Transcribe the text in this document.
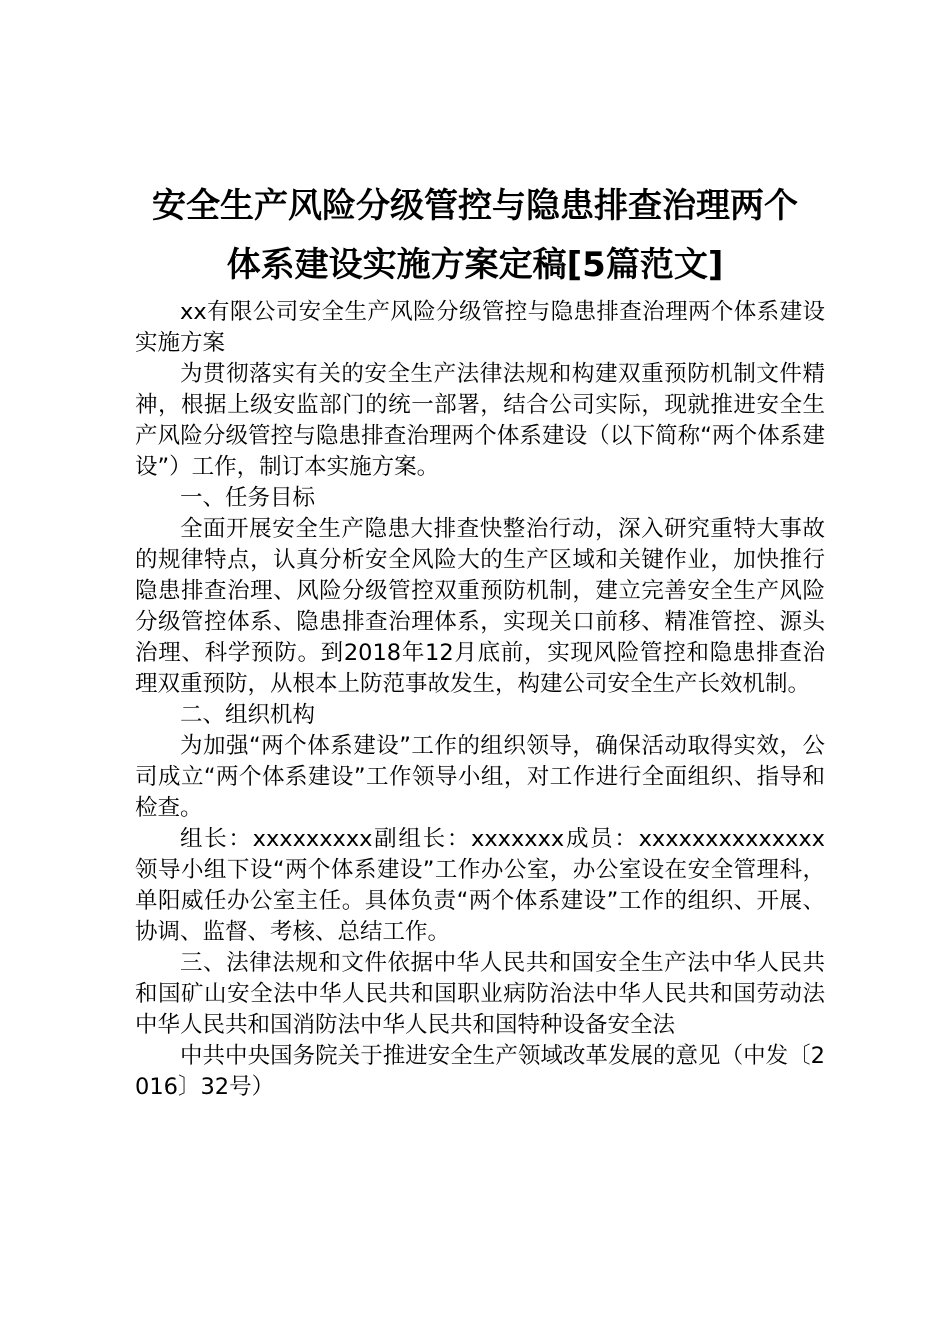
安全生产风险分级管控与隐患排查治理两个
体系建设实施方案定稿[5篇范文]

xx有限公司安全生产风险分级管控与隐患排查治理两个体系建设实施方案

为贯彻落实有关的安全生产法律法规和构建双重预防机制文件精神，根据上级安监部门的统一部署，结合公司实际，现就推进安全生产风险分级管控与隐患排查治理两个体系建设（以下简称“两个体系建设”）工作，制订本实施方案。

一、任务目标

全面开展安全生产隐患大排查快整治行动，深入研究重特大事故的规律特点，认真分析安全风险大的生产区域和关键作业，加快推行隐患排查治理、风险分级管控双重预防机制，建立完善安全生产风险分级管控体系、隐患排查治理体系，实现关口前移、精准管控、源头治理、科学预防。到2018年12月底前，实现风险管控和隐患排查治理双重预防，从根本上防范事故发生，构建公司安全生产长效机制。

二、组织机构

为加强“两个体系建设”工作的组织领导，确保活动取得实效，公司成立“两个体系建设”工作领导小组，对工作进行全面组织、指导和检查。

组长：xxxxxxxxx副组长：xxxxxxx成员：xxxxxxxxxxxxxx领导小组下设“两个体系建设”工作办公室，办公室设在安全管理科，单阳威任办公室主任。具体负责“两个体系建设”工作的组织、开展、协调、监督、考核、总结工作。

三、法律法规和文件依据中华人民共和国安全生产法中华人民共和国矿山安全法中华人民共和国职业病防治法中华人民共和国劳动法中华人民共和国消防法中华人民共和国特种设备安全法

中共中央国务院关于推进安全生产领域改革发展的意见（中发〔2016〕32号）
